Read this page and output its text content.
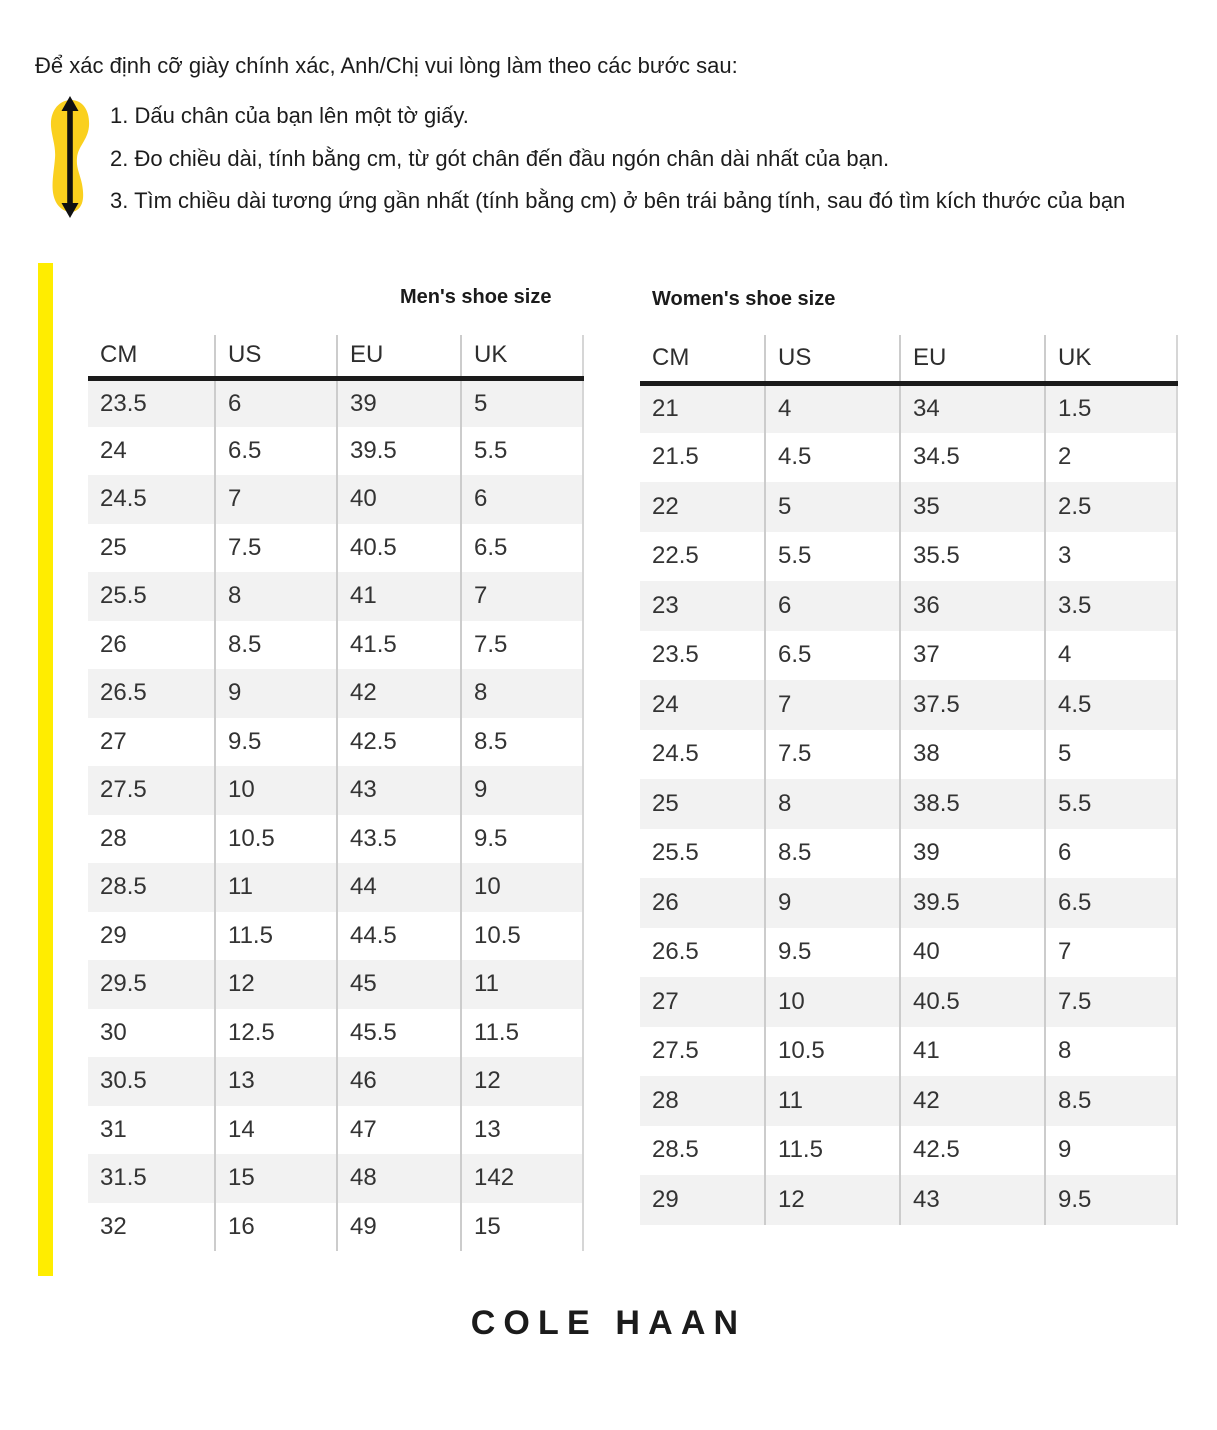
Để xác định cỡ giày chính xác, Anh/Chị vui lòng làm theo các bước sau:
1. Dấu chân của bạn lên một tờ giấy.
2. Đo chiều dài, tính bằng cm, từ gót chân đến đầu ngón chân dài nhất của bạn.
3. Tìm chiều dài tương ứng gần nhất (tính bằng cm) ở bên trái bảng tính, sau đó tìm kích thước của bạn
Men's shoe size	Women's shoe size
CM	US	EU	UK
23.5	6	39	5
24	6.5	39.5	5.5
24.5	7	40	6
25	7.5	40.5	6.5
25.5	8	41	7
26	8.5	41.5	7.5
26.5	9	42	8
27	9.5	42.5	8.5
27.5	10	43	9
28	10.5	43.5	9.5
28.5	11	44	10
29	11.5	44.5	10.5
29.5	12	45	11
30	12.5	45.5	11.5
30.5	13	46	12
31	14	47	13
31.5	15	48	142
32	16	49	15
CM	US	EU	UK
21	4	34	1.5
21.5	4.5	34.5	2
22	5	35	2.5
22.5	5.5	35.5	3
23	6	36	3.5
23.5	6.5	37	4
24	7	37.5	4.5
24.5	7.5	38	5
25	8	38.5	5.5
25.5	8.5	39	6
26	9	39.5	6.5
26.5	9.5	40	7
27	10	40.5	7.5
27.5	10.5	41	8
28	11	42	8.5
28.5	11.5	42.5	9
29	12	43	9.5
COLE HAAN
